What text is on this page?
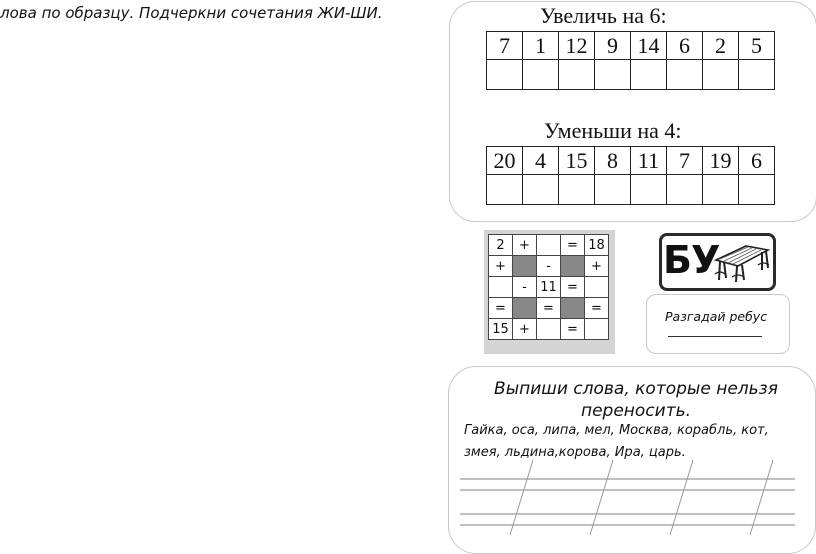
лова по образцу. Подчеркни сочетания ЖИ-ШИ.	Увеличь на 6:
7	1	12	9	14	6	2	5

Уменьши на 4:
20	4	15	8	11	7	19	6

2	+		=	18
+		-		+
	-	11	=	
=		=		=
15	+		=	
БУ
Разгадай ребус
Выпиши слова, которые нельзя переносить.
Гайка, оса, липа, мел, Москва, корабль, кот, змея, льдина,корова, Ира, царь.
